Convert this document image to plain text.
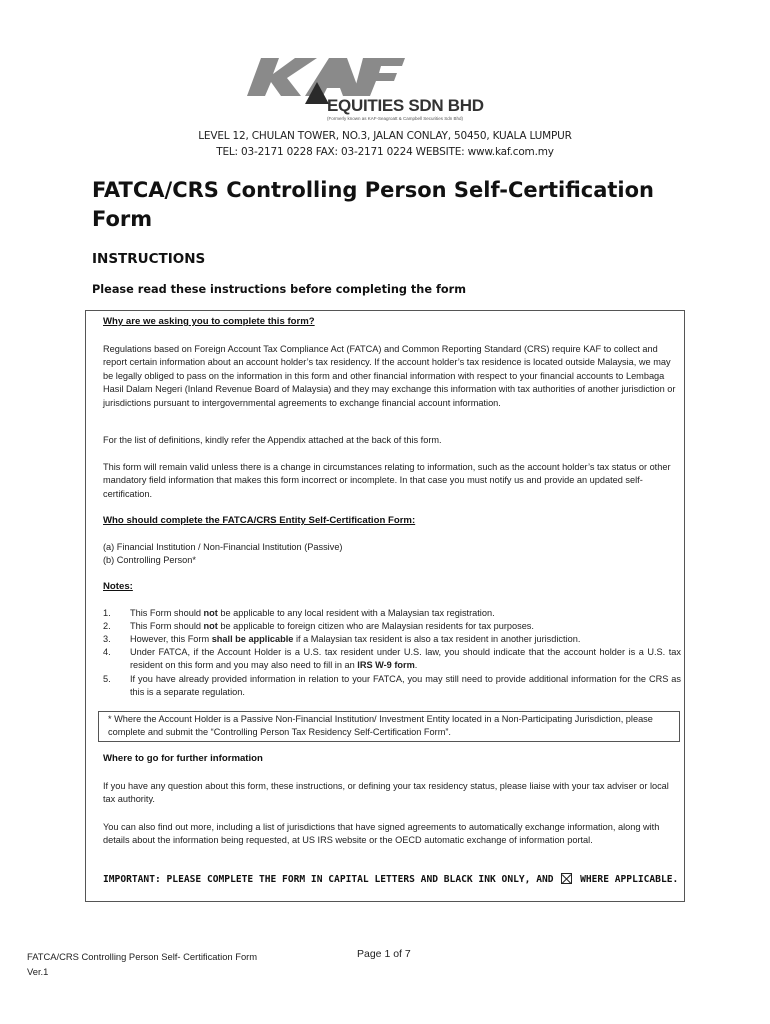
EQUITIES SDN BHD
(Formerly known as KAF-Seagroatt & Campbell Securities Sdn Bhd)
LEVEL 12, CHULAN TOWER, NO.3, JALAN CONLAY, 50450, KUALA LUMPUR
TEL: 03-2171 0228 FAX: 03-2171 0224 WEBSITE: www.kaf.com.my
FATCA/CRS Controlling Person Self-Certification Form
INSTRUCTIONS
Please read these instructions before completing the form
Why are we asking you to complete this form?
Regulations based on Foreign Account Tax Compliance Act (FATCA) and Common Reporting Standard (CRS) require KAF to collect and report certain information about an account holder’s tax residency. If the account holder’s tax residence is located outside Malaysia, we may be legally obliged to pass on the information in this form and other financial information with respect to your financial accounts to Lembaga Hasil Dalam Negeri (Inland Revenue Board of Malaysia) and they may exchange this information with tax authorities of another jurisdiction or jurisdictions pursuant to intergovernmental agreements to exchange financial account information.
For the list of definitions, kindly refer the Appendix attached at the back of this form.
This form will remain valid unless there is a change in circumstances relating to information, such as the account holder’s tax status or other mandatory field information that makes this form incorrect or incomplete. In that case you must notify us and provide an updated self-certification.
Who should complete the FATCA/CRS Entity Self-Certification Form:
(a) Financial Institution / Non-Financial Institution (Passive)
(b) Controlling Person*
Notes:
1. This Form should not be applicable to any local resident with a Malaysian tax registration.
2. This Form should not be applicable to foreign citizen who are Malaysian residents for tax purposes.
3. However, this Form shall be applicable if a Malaysian tax resident is also a tax resident in another jurisdiction.
4. Under FATCA, if the Account Holder is a U.S. tax resident under U.S. law, you should indicate that the account holder is a U.S. tax resident on this form and you may also need to fill in an IRS W-9 form.
5. If you have already provided information in relation to your FATCA, you may still need to provide additional information for the CRS as this is a separate regulation.
* Where the Account Holder is a Passive Non-Financial Institution/ Investment Entity located in a Non-Participating Jurisdiction, please complete and submit the “Controlling Person Tax Residency Self-Certification Form”.
Where to go for further information
If you have any question about this form, these instructions, or defining your tax residency status, please liaise with your tax adviser or local tax authority.
You can also find out more, including a list of jurisdictions that have signed agreements to automatically exchange information, along with details about the information being requested, at US IRS website or the OECD automatic exchange of information portal.
IMPORTANT: PLEASE COMPLETE THE FORM IN CAPITAL LETTERS AND BLACK INK ONLY, AND	WHERE APPLICABLE.
FATCA/CRS Controlling Person Self- Certification Form
Ver.1
Page 1 of 7
